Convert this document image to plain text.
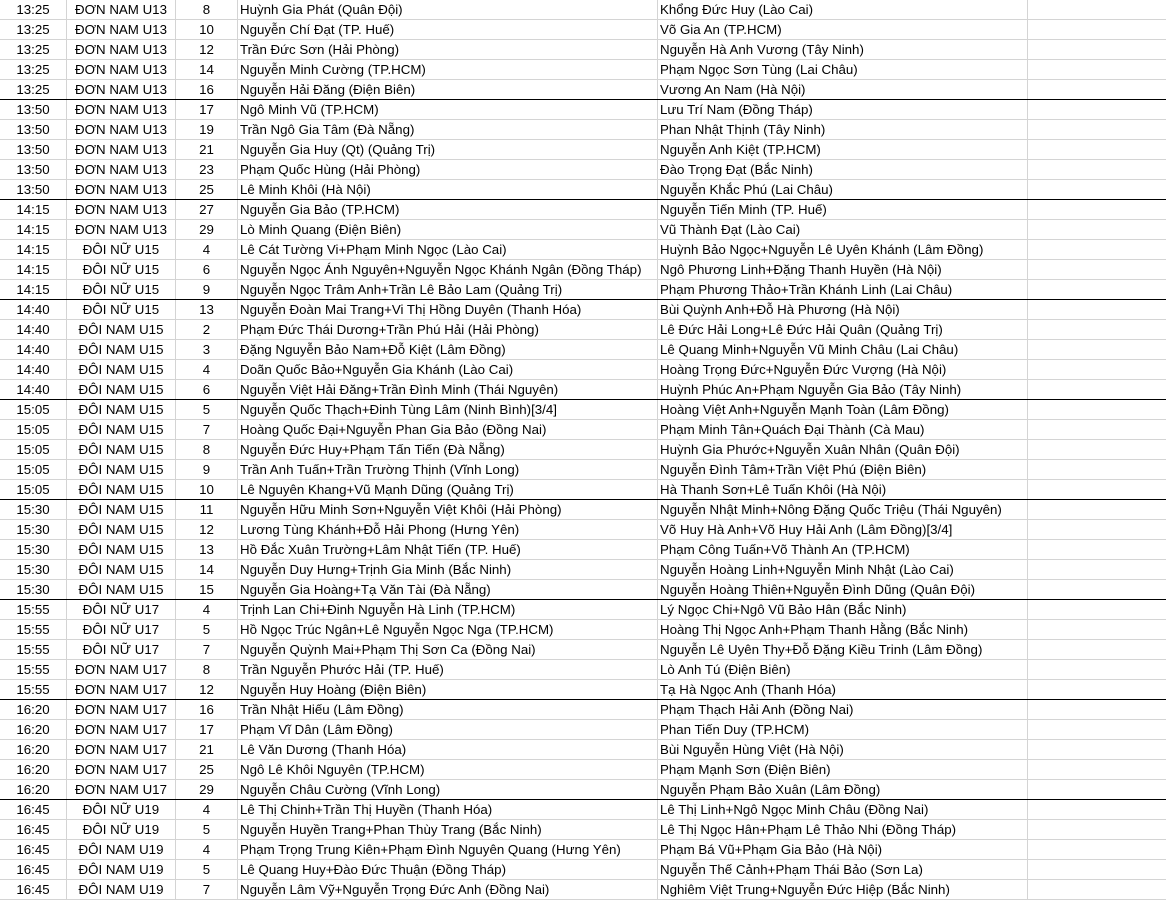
13:25	ĐƠN NAM U13	8	Huỳnh Gia Phát (Quân Đội)	Khổng Đức Huy (Lào Cai)
13:25	ĐƠN NAM U13	10	Nguyễn Chí Đạt (TP. Huế)	Võ Gia An (TP.HCM)
13:25	ĐƠN NAM U13	12	Trần Đức Sơn (Hải Phòng)	Nguyễn Hà Anh Vương (Tây Ninh)
13:25	ĐƠN NAM U13	14	Nguyễn Minh Cường (TP.HCM)	Phạm Ngọc Sơn Tùng (Lai Châu)
13:25	ĐƠN NAM U13	16	Nguyễn Hải Đăng (Điện Biên)	Vương An Nam (Hà Nội)
13:50	ĐƠN NAM U13	17	Ngô Minh Vũ (TP.HCM)	Lưu Trí Nam (Đồng Tháp)
13:50	ĐƠN NAM U13	19	Trần Ngô Gia Tâm (Đà Nẵng)	Phan Nhật Thịnh (Tây Ninh)
13:50	ĐƠN NAM U13	21	Nguyễn Gia Huy (Qt) (Quảng Trị)	Nguyễn Anh Kiệt (TP.HCM)
13:50	ĐƠN NAM U13	23	Phạm Quốc Hùng (Hải Phòng)	Đào Trọng Đạt (Bắc Ninh)
13:50	ĐƠN NAM U13	25	Lê Minh Khôi (Hà Nội)	Nguyễn Khắc Phú (Lai Châu)
14:15	ĐƠN NAM U13	27	Nguyễn Gia Bảo (TP.HCM)	Nguyễn Tiến Minh (TP. Huế)
14:15	ĐƠN NAM U13	29	Lò Minh Quang (Điện Biên)	Vũ Thành Đạt (Lào Cai)
14:15	ĐÔI NỮ U15	4	Lê Cát Tường Vi+Phạm Minh Ngọc (Lào Cai)	Huỳnh Bảo Ngọc+Nguyễn Lê Uyên Khánh (Lâm Đồng)
14:15	ĐÔI NỮ U15	6	Nguyễn Ngọc Ánh Nguyên+Nguyễn Ngọc Khánh Ngân (Đồng Tháp)	Ngô Phương Linh+Đặng Thanh Huyền (Hà Nội)
14:15	ĐÔI NỮ U15	9	Nguyễn Ngọc Trâm Anh+Trần Lê Bảo Lam (Quảng Trị)	Phạm Phương Thảo+Trần Khánh Linh (Lai Châu)
14:40	ĐÔI NỮ U15	13	Nguyễn Đoàn Mai Trang+Vi Thị Hồng Duyên (Thanh Hóa)	Bùi Quỳnh Anh+Đỗ Hà Phương (Hà Nội)
14:40	ĐÔI NAM U15	2	Phạm Đức Thái Dương+Trần Phú Hải (Hải Phòng)	Lê Đức Hải Long+Lê Đức Hải Quân (Quảng Trị)
14:40	ĐÔI NAM U15	3	Đặng Nguyễn Bảo Nam+Đỗ Kiệt (Lâm Đồng)	Lê Quang Minh+Nguyễn Vũ Minh Châu (Lai Châu)
14:40	ĐÔI NAM U15	4	Doãn Quốc Bảo+Nguyễn Gia Khánh (Lào Cai)	Hoàng Trọng Đức+Nguyễn Đức Vượng (Hà Nội)
14:40	ĐÔI NAM U15	6	Nguyễn Việt Hải Đăng+Trần Đình Minh (Thái Nguyên)	Huỳnh Phúc An+Phạm Nguyễn Gia Bảo (Tây Ninh)
15:05	ĐÔI NAM U15	5	Nguyễn Quốc Thạch+Đinh Tùng Lâm (Ninh Bình)[3/4]	Hoàng Việt Anh+Nguyễn Mạnh Toàn (Lâm Đồng)
15:05	ĐÔI NAM U15	7	Hoàng Quốc Đại+Nguyễn Phan Gia Bảo (Đồng Nai)	Phạm Minh Tân+Quách Đại Thành (Cà Mau)
15:05	ĐÔI NAM U15	8	Nguyễn Đức Huy+Phạm Tấn Tiến (Đà Nẵng)	Huỳnh Gia Phước+Nguyễn Xuân Nhân (Quân Đội)
15:05	ĐÔI NAM U15	9	Trần Anh Tuấn+Trần Trường Thịnh (Vĩnh Long)	Nguyễn Đình Tâm+Trần Việt Phú (Điện Biên)
15:05	ĐÔI NAM U15	10	Lê Nguyên Khang+Vũ Mạnh Dũng (Quảng Trị)	Hà Thanh Sơn+Lê Tuấn Khôi (Hà Nội)
15:30	ĐÔI NAM U15	11	Nguyễn Hữu Minh Sơn+Nguyễn Việt Khôi (Hải Phòng)	Nguyễn Nhật Minh+Nông Đặng Quốc Triệu (Thái Nguyên)
15:30	ĐÔI NAM U15	12	Lương Tùng Khánh+Đỗ Hải Phong (Hưng Yên)	Võ Huy Hà Anh+Võ Huy Hải Anh (Lâm Đồng)[3/4]
15:30	ĐÔI NAM U15	13	Hồ Đắc Xuân Trường+Lâm Nhật Tiến (TP. Huế)	Phạm Công Tuấn+Võ Thành An (TP.HCM)
15:30	ĐÔI NAM U15	14	Nguyễn Duy Hưng+Trịnh Gia Minh (Bắc Ninh)	Nguyễn Hoàng Linh+Nguyễn Minh Nhật (Lào Cai)
15:30	ĐÔI NAM U15	15	Nguyễn Gia Hoàng+Tạ Văn Tài (Đà Nẵng)	Nguyễn Hoàng Thiên+Nguyễn Đình Dũng (Quân Đội)
15:55	ĐÔI NỮ U17	4	Trịnh Lan Chi+Đinh Nguyễn Hà Linh (TP.HCM)	Lý Ngọc Chi+Ngô Vũ Bảo Hân (Bắc Ninh)
15:55	ĐÔI NỮ U17	5	Hồ Ngọc Trúc Ngân+Lê Nguyễn Ngọc Nga (TP.HCM)	Hoàng Thị Ngọc Anh+Phạm Thanh Hằng (Bắc Ninh)
15:55	ĐÔI NỮ U17	7	Nguyễn Quỳnh Mai+Phạm Thị Sơn Ca (Đồng Nai)	Nguyễn Lê Uyên Thy+Đỗ Đặng Kiều Trinh (Lâm Đồng)
15:55	ĐƠN NAM U17	8	Trần Nguyễn Phước Hải (TP. Huế)	Lò Anh Tú (Điện Biên)
15:55	ĐƠN NAM U17	12	Nguyễn Huy Hoàng (Điện Biên)	Tạ Hà Ngọc Anh (Thanh Hóa)
16:20	ĐƠN NAM U17	16	Trần Nhật Hiếu (Lâm Đồng)	Phạm Thạch Hải Anh (Đồng Nai)
16:20	ĐƠN NAM U17	17	Phạm Vĩ Dân (Lâm Đồng)	Phan Tiến Duy (TP.HCM)
16:20	ĐƠN NAM U17	21	Lê Văn Dương (Thanh Hóa)	Bùi Nguyễn Hùng Việt (Hà Nội)
16:20	ĐƠN NAM U17	25	Ngô Lê Khôi Nguyên (TP.HCM)	Phạm Mạnh Sơn (Điện Biên)
16:20	ĐƠN NAM U17	29	Nguyễn Châu Cường (Vĩnh Long)	Nguyễn Phạm Bảo Xuân (Lâm Đồng)
16:45	ĐÔI NỮ U19	4	Lê Thị Chinh+Trần Thị Huyền (Thanh Hóa)	Lê Thị Linh+Ngô Ngọc Minh Châu (Đồng Nai)
16:45	ĐÔI NỮ U19	5	Nguyễn Huyền Trang+Phan Thùy Trang (Bắc Ninh)	Lê Thị Ngọc Hân+Phạm Lê Thảo Nhi (Đồng Tháp)
16:45	ĐÔI NAM U19	4	Phạm Trọng Trung Kiên+Phạm Đình Nguyên Quang (Hưng Yên)	Phạm Bá Vũ+Phạm Gia Bảo (Hà Nội)
16:45	ĐÔI NAM U19	5	Lê Quang Huy+Đào Đức Thuận (Đồng Tháp)	Nguyễn Thế Cảnh+Phạm Thái Bảo (Sơn La)
16:45	ĐÔI NAM U19	7	Nguyễn Lâm Vỹ+Nguyễn Trọng Đức Anh (Đồng Nai)	Nghiêm Việt Trung+Nguyễn Đức Hiệp (Bắc Ninh)
